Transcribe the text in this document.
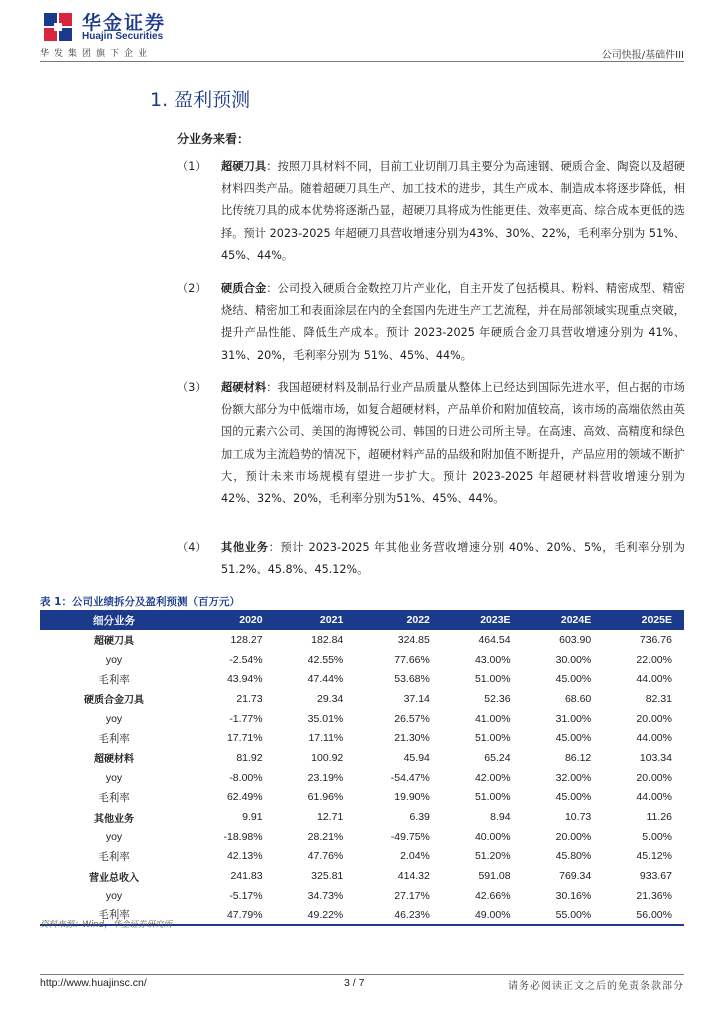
华金证券
Huajin Securities
华发集团旗下企业	公司快报/基础件III
1. 盈利预测
分业务来看：
（1） 超硬刀具：按照刀具材料不同，目前工业切削刀具主要分为高速钢、硬质合金、陶瓷以及超硬材料四类产品。随着超硬刀具生产、加工技术的进步，其生产成本、制造成本将逐步降低，相比传统刀具的成本优势将逐渐凸显，超硬刀具将成为性能更佳、效率更高、综合成本更低的选择。预计 2023-2025 年超硬刀具营收增速分别为43%、30%、22%，毛利率分别为 51%、45%、44%。
（2） 硬质合金：公司投入硬质合金数控刀片产业化，自主开发了包括模具、粉料、精密成型、精密烧结、精密加工和表面涂层在内的全套国内先进生产工艺流程，并在局部领域实现重点突破，提升产品性能、降低生产成本。预计 2023-2025 年硬质合金刀具营收增速分别为 41%、31%、20%，毛利率分别为 51%、45%、44%。
（3） 超硬材料：我国超硬材料及制品行业产品质量从整体上已经达到国际先进水平，但占据的市场份额大部分为中低端市场，如复合超硬材料，产品单价和附加值较高，该市场的高端依然由英国的元素六公司、美国的海博锐公司、韩国的日进公司所主导。在高速、高效、高精度和绿色加工成为主流趋势的情况下，超硬材料产品的品级和附加值不断提升，产品应用的领域不断扩大，预计未来市场规模有望进一步扩大。预计 2023-2025 年超硬材料营收增速分别为 42%、32%、20%，毛利率分别为51%、45%、44%。
（4） 其他业务：预计 2023-2025 年其他业务营收增速分别 40%、20%、5%，毛利率分别为 51.2%、45.8%、45.12%。
表 1：公司业绩拆分及盈利预测（百万元）
细分业务	2020	2021	2022	2023E	2024E	2025E
超硬刀具	128.27	182.84	324.85	464.54	603.90	736.76
yoy	-2.54%	42.55%	77.66%	43.00%	30.00%	22.00%
毛利率	43.94%	47.44%	53.68%	51.00%	45.00%	44.00%
硬质合金刀具	21.73	29.34	37.14	52.36	68.60	82.31
yoy	-1.77%	35.01%	26.57%	41.00%	31.00%	20.00%
毛利率	17.71%	17.11%	21.30%	51.00%	45.00%	44.00%
超硬材料	81.92	100.92	45.94	65.24	86.12	103.34
yoy	-8.00%	23.19%	-54.47%	42.00%	32.00%	20.00%
毛利率	62.49%	61.96%	19.90%	51.00%	45.00%	44.00%
其他业务	9.91	12.71	6.39	8.94	10.73	11.26
yoy	-18.98%	28.21%	-49.75%	40.00%	20.00%	5.00%
毛利率	42.13%	47.76%	2.04%	51.20%	45.80%	45.12%
营业总收入	241.83	325.81	414.32	591.08	769.34	933.67
yoy	-5.17%	34.73%	27.17%	42.66%	30.16%	21.36%
毛利率	47.79%	49.22%	46.23%	49.00%	55.00%	56.00%
资料来源：Wind，华金证券研究所
http://www.huajinsc.cn/	3 / 7	请务必阅读正文之后的免责条款部分
